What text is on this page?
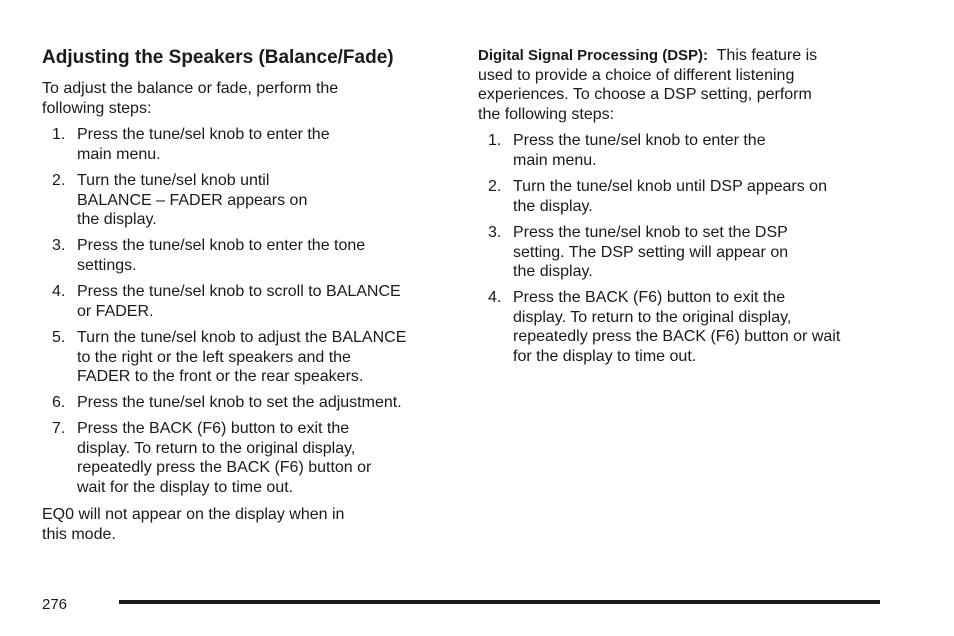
Adjusting the Speakers (Balance/Fade)
To adjust the balance or fade, perform the
following steps:
1. Press the tune/sel knob to enter the
main menu.
2. Turn the tune/sel knob until
BALANCE – FADER appears on
the display.
3. Press the tune/sel knob to enter the tone
settings.
4. Press the tune/sel knob to scroll to BALANCE
or FADER.
5. Turn the tune/sel knob to adjust the BALANCE
to the right or the left speakers and the
FADER to the front or the rear speakers.
6. Press the tune/sel knob to set the adjustment.
7. Press the BACK (F6) button to exit the
display. To return to the original display,
repeatedly press the BACK (F6) button or
wait for the display to time out.
EQ0 will not appear on the display when in
this mode.
Digital Signal Processing (DSP):  This feature is
used to provide a choice of different listening
experiences. To choose a DSP setting, perform
the following steps:
1. Press the tune/sel knob to enter the
main menu.
2. Turn the tune/sel knob until DSP appears on
the display.
3. Press the tune/sel knob to set the DSP
setting. The DSP setting will appear on
the display.
4. Press the BACK (F6) button to exit the
display. To return to the original display,
repeatedly press the BACK (F6) button or wait
for the display to time out.
276
